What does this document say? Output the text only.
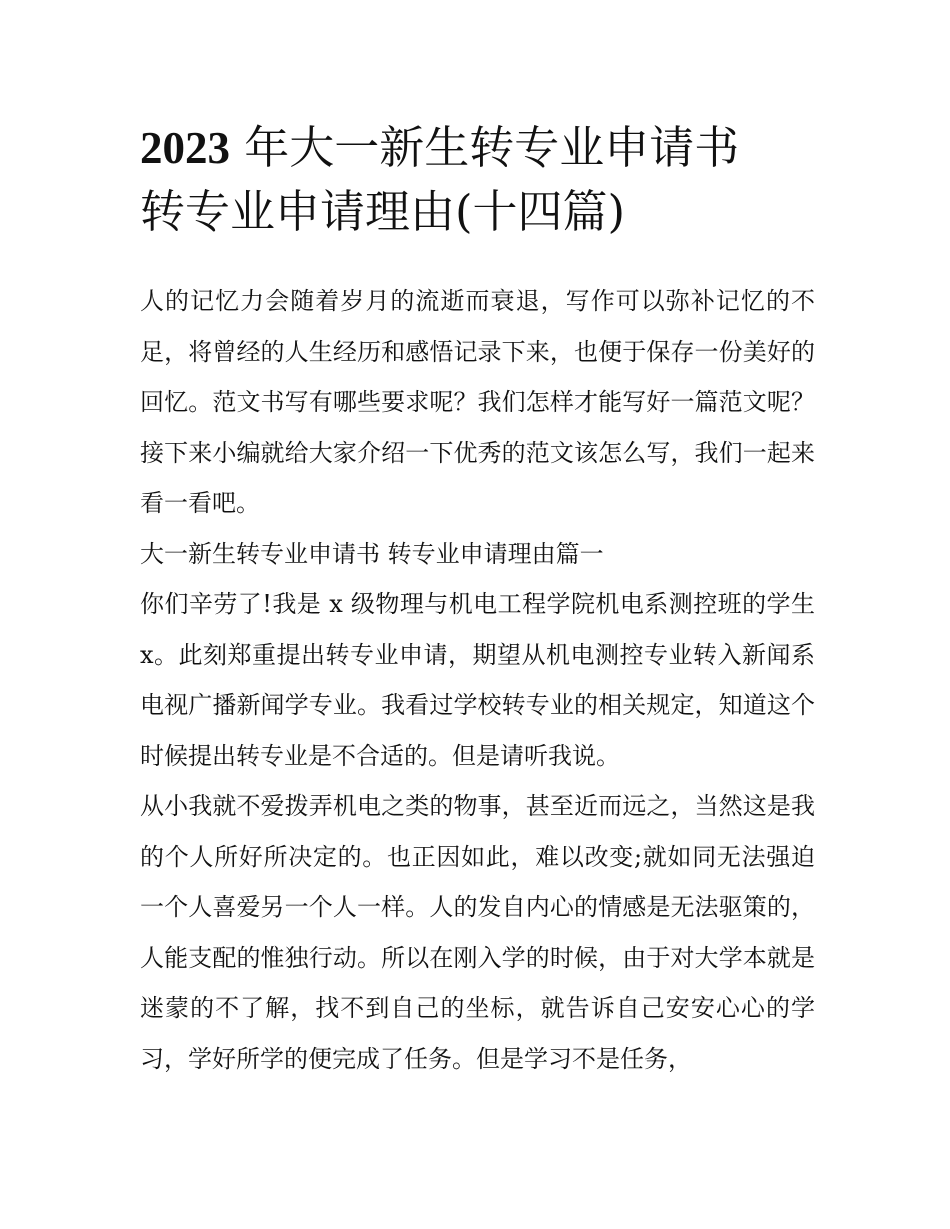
2023 年大一新生转专业申请书
转专业申请理由(十四篇)

人的记忆力会随着岁月的流逝而衰退，写作可以弥补记忆的不足，将曾经的人生经历和感悟记录下来，也便于保存一份美好的回忆。范文书写有哪些要求呢？我们怎样才能写好一篇范文呢？接下来小编就给大家介绍一下优秀的范文该怎么写，我们一起来看一看吧。

大一新生转专业申请书 转专业申请理由篇一

你们辛劳了!我是 x 级物理与机电工程学院机电系测控班的学生 x。此刻郑重提出转专业申请，期望从机电测控专业转入新闻系电视广播新闻学专业。我看过学校转专业的相关规定，知道这个时候提出转专业是不合适的。但是请听我说。

从小我就不爱拨弄机电之类的物事，甚至近而远之，当然这是我的个人所好所决定的。也正因如此，难以改变;就如同无法强迫一个人喜爱另一个人一样。人的发自内心的情感是无法驱策的，人能支配的惟独行动。所以在刚入学的时候，由于对大学本就是迷蒙的不了解，找不到自己的坐标，就告诉自己安安心心的学习，学好所学的便完成了任务。但是学习不是任务，
